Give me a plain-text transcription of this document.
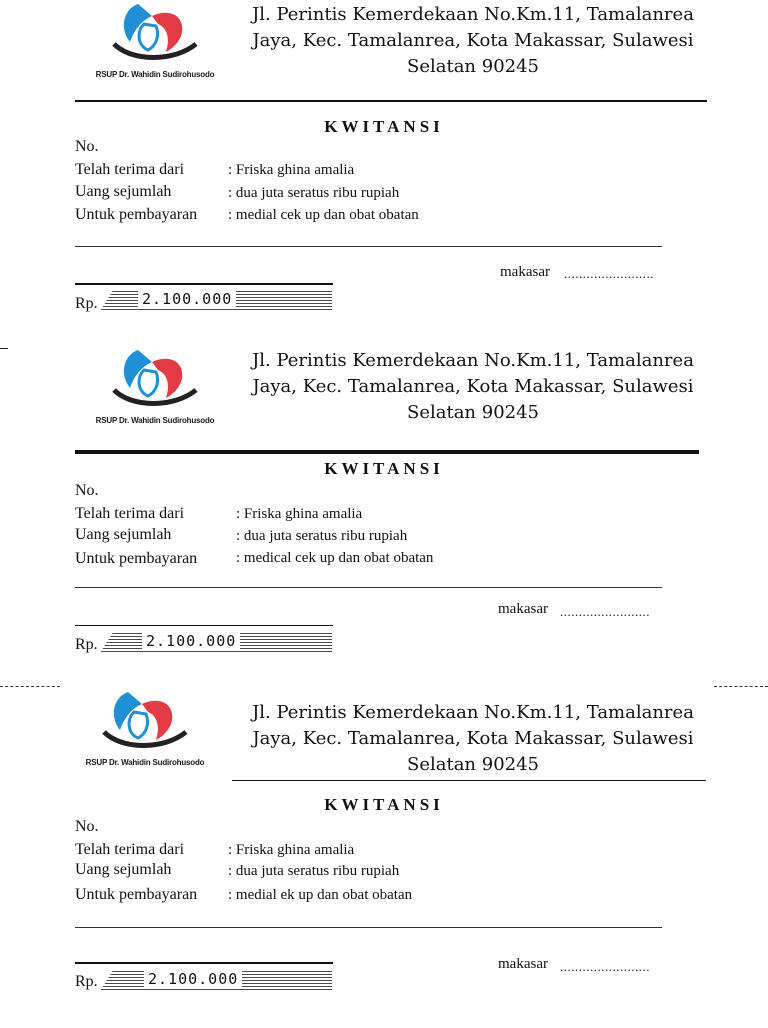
RSUP Dr. Wahidin Sudirohusodo
Jl. Perintis Kemerdekaan No.Km.11, Tamalanrea Jaya, Kec. Tamalanrea, Kota Makassar, Sulawesi Selatan 90245
KWITANSI
No.
Telah terima dari	: Friska ghina amalia
Uang sejumlah	: dua juta seratus ribu rupiah
Untuk pembayaran : medial cek up dan obat obatan
makasar ........................
Rp.	2.100.000
RSUP Dr. Wahidin Sudirohusodo
Jl. Perintis Kemerdekaan No.Km.11, Tamalanrea Jaya, Kec. Tamalanrea, Kota Makassar, Sulawesi Selatan 90245
KWITANSI
No.
Telah terima dari	: Friska ghina amalia
Uang sejumlah	: dua juta seratus ribu rupiah
Untuk pembayaran	: medical cek up dan obat obatan
makasar ........................
Rp.	2.100.000
RSUP Dr. Wahidin Sudirohusodo
Jl. Perintis Kemerdekaan No.Km.11, Tamalanrea Jaya, Kec. Tamalanrea, Kota Makassar, Sulawesi Selatan 90245
KWITANSI
No.
Telah terima dari	: Friska ghina amalia
Uang sejumlah	: dua juta seratus ribu rupiah
Untuk pembayaran : medial ek up dan obat obatan
makasar ........................
Rp.	2.100.000
